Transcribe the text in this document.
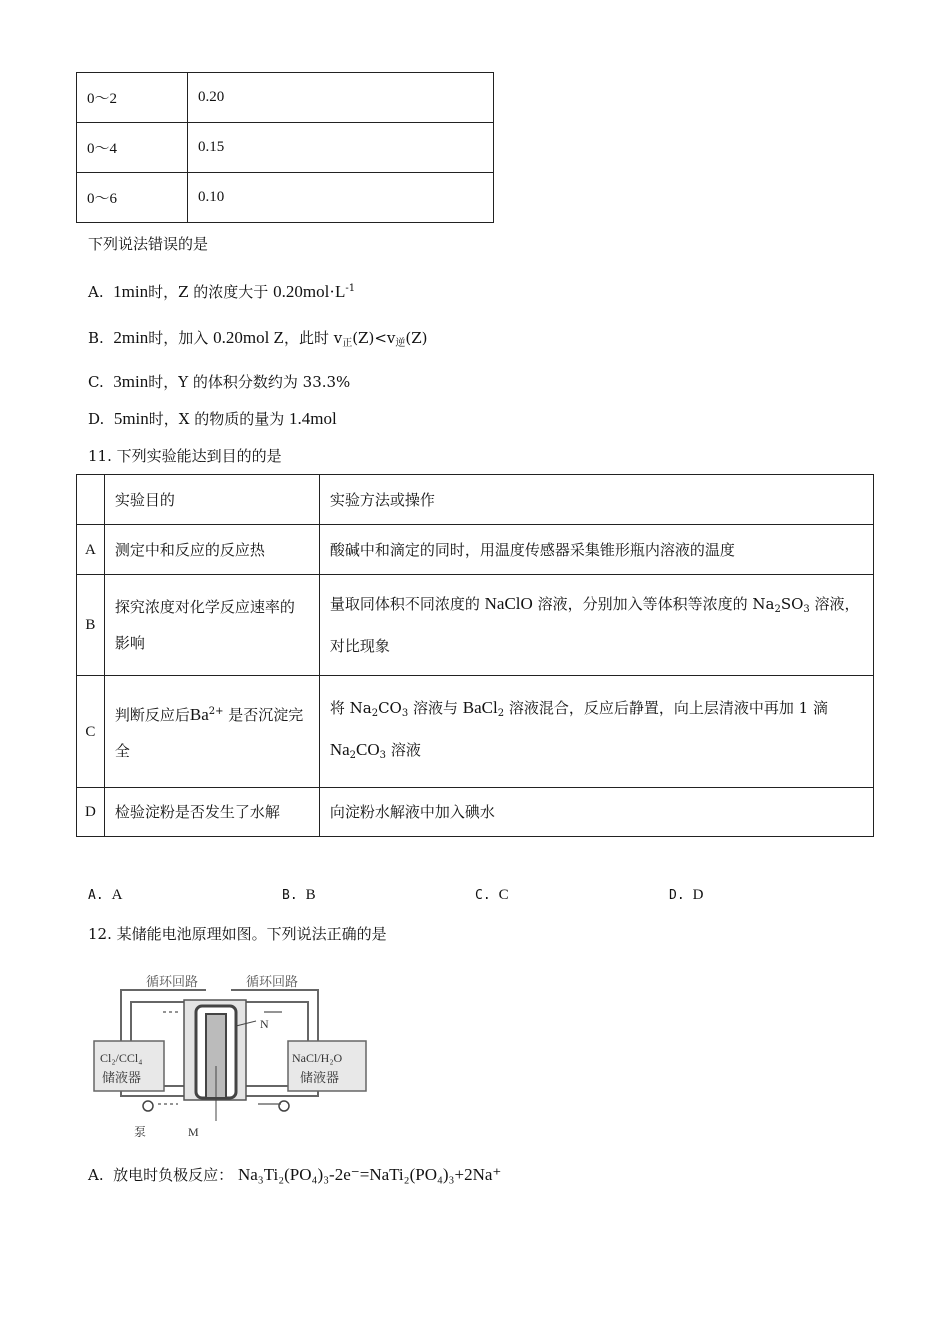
0～2	0.20
0～4	0.15
0～6	0.10
下列说法错误的是
A. 1min时，Z 的浓度大于 $0.20mol\cdot L^{-1}$
B. 2min时，加入 0.20mol Z，此时 $v_正(Z)<v_逆(Z)$
C. 3min时，Y 的体积分数约为 33.3%
D. 5min时，X 的物质的量为 1.4mol
11. 下列实验能达到目的的是
	实验目的	实验方法或操作
A	测定中和反应的反应热	酸碱中和滴定的同时，用温度传感器采集锥形瓶内溶液的温度
B	探究浓度对化学反应速率的影响	量取同体积不同浓度的 NaClO 溶液，分别加入等体积等浓度的 $Na_2SO_3$ 溶液，对比现象
C	判断反应后$Ba^{2+}$ 是否沉淀完全	将 $Na_2CO_3$ 溶液与 BaCl$_2$ 溶液混合，反应后静置，向上层清液中再加 1 滴 $Na_2CO_3$ 溶液
D	检验淀粉是否发生了水解	向淀粉水解液中加入碘水
A. A	B. B	C. C	D. D
12. 某储能电池原理如图。下列说法正确的是
循环回路	循环回路
Cl₂/CCl₄
储液器
NaCl/H₂O
储液器
N
M
泵
A. 放电时负极反应： Na₃Ti₂(PO₄)₃-2e⁻=NaTi₂(PO₄)₃+2Na⁺
